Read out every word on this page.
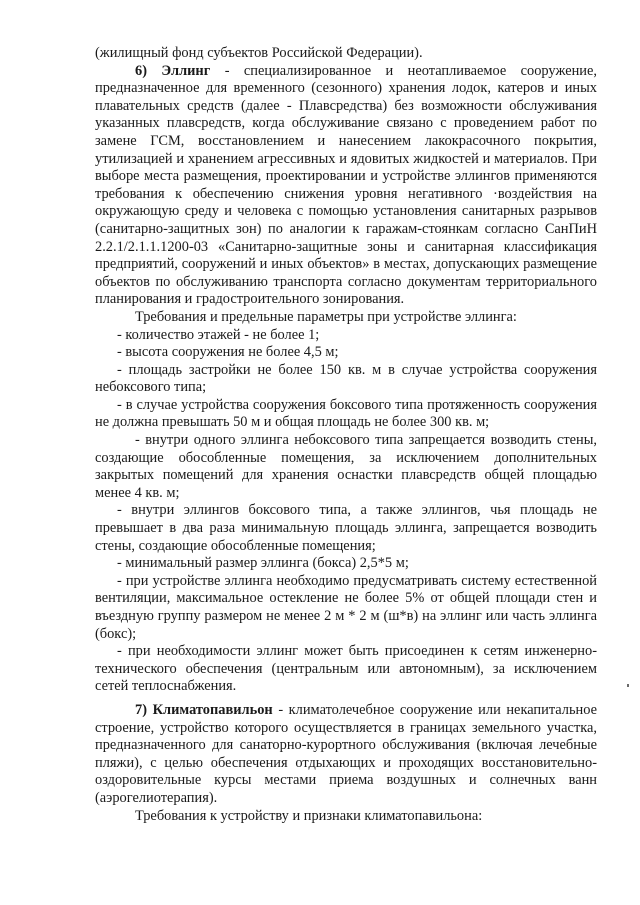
(жилищный фонд субъектов Российской Федерации).

6) Эллинг - специализированное и неотапливаемое сооружение, предназначенное для временного (сезонного) хранения лодок, катеров и иных плавательных средств (далее - Плавсредства) без возможности обслуживания указанных плавсредств, когда обслуживание связано с проведением работ по замене ГСМ, восстановлением и нанесением лакокрасочного покрытия, утилизацией и хранением агрессивных и ядовитых жидкостей и материалов. При выборе места размещения, проектировании и устройстве эллингов применяются требования к обеспечению снижения уровня негативного ·воздействия на окружающую среду и человека с помощью установления санитарных разрывов (санитарно-защитных зон) по аналогии к гаражам-стоянкам согласно СанПиН 2.2.1/2.1.1.1200-03 «Санитарно-защитные зоны и санитарная классификация предприятий, сооружений и иных объектов» в местах, допускающих размещение объектов по обслуживанию транспорта согласно документам территориального планирования и градостроительного зонирования.

Требования и предельные параметры при устройстве эллинга:

- количество этажей - не более 1;

- высота сооружения не более 4,5 м;

- площадь застройки не более 150 кв. м в случае устройства сооружения небоксового типа;

- в случае устройства сооружения боксового типа протяженность сооружения не должна превышать 50 м и общая площадь не более 300 кв. м;

- внутри одного эллинга небоксового типа запрещается возводить стены, создающие обособленные помещения, за исключением дополнительных закрытых помещений для хранения оснастки плавсредств общей площадью менее 4 кв. м;

- внутри эллингов боксового типа, а также эллингов, чья площадь не превышает в два раза минимальную площадь эллинга, запрещается возводить стены, создающие обособленные помещения;

- минимальный размер эллинга (бокса) 2,5*5 м;

- при устройстве эллинга необходимо предусматривать систему естественной вентиляции, максимальное остекление не более 5% от общей площади стен и въездную группу размером не менее 2 м * 2 м (ш*в) на эллинг или часть эллинга (бокс);

- при необходимости эллинг может быть присоединен к сетям инженерно-технического обеспечения (центральным или автономным), за исключением сетей теплоснабжения.

7) Климатопавильон - климатолечебное сооружение или некапитальное строение, устройство которого осуществляется в границах земельного участка, предназначенного для санаторно-курортного обслуживания (включая лечебные пляжи), с целью обеспечения отдыхающих и проходящих восстановительно-оздоровительные курсы местами приема воздушных и солнечных ванн (аэрогелиотерапия).

Требования к устройству и признаки климатопавильона:
